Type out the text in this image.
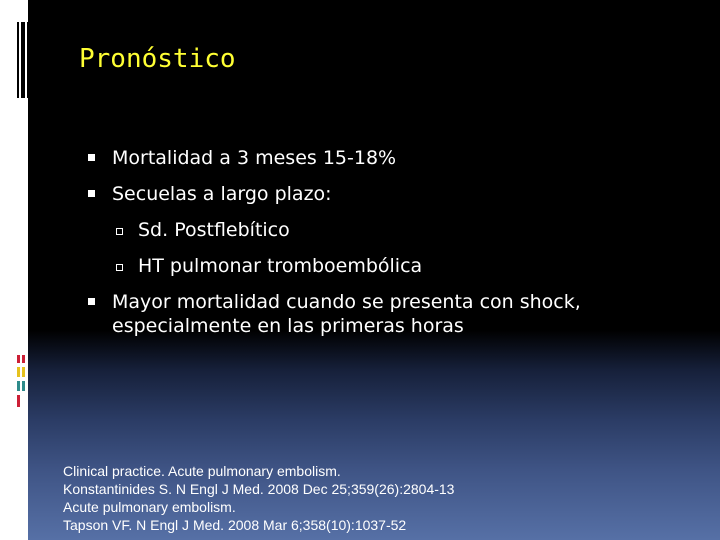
Pronóstico
Mortalidad a 3 meses 15-18%
Secuelas a largo plazo:
Sd. Postflebítico
HT pulmonar tromboembólica
Mayor mortalidad cuando se presenta con shock,
especialmente en las primeras horas
Clinical practice. Acute pulmonary embolism.
Konstantinides S. N Engl J Med. 2008 Dec 25;359(26):2804-13
Acute pulmonary embolism.
Tapson VF. N Engl J Med. 2008 Mar 6;358(10):1037-52
